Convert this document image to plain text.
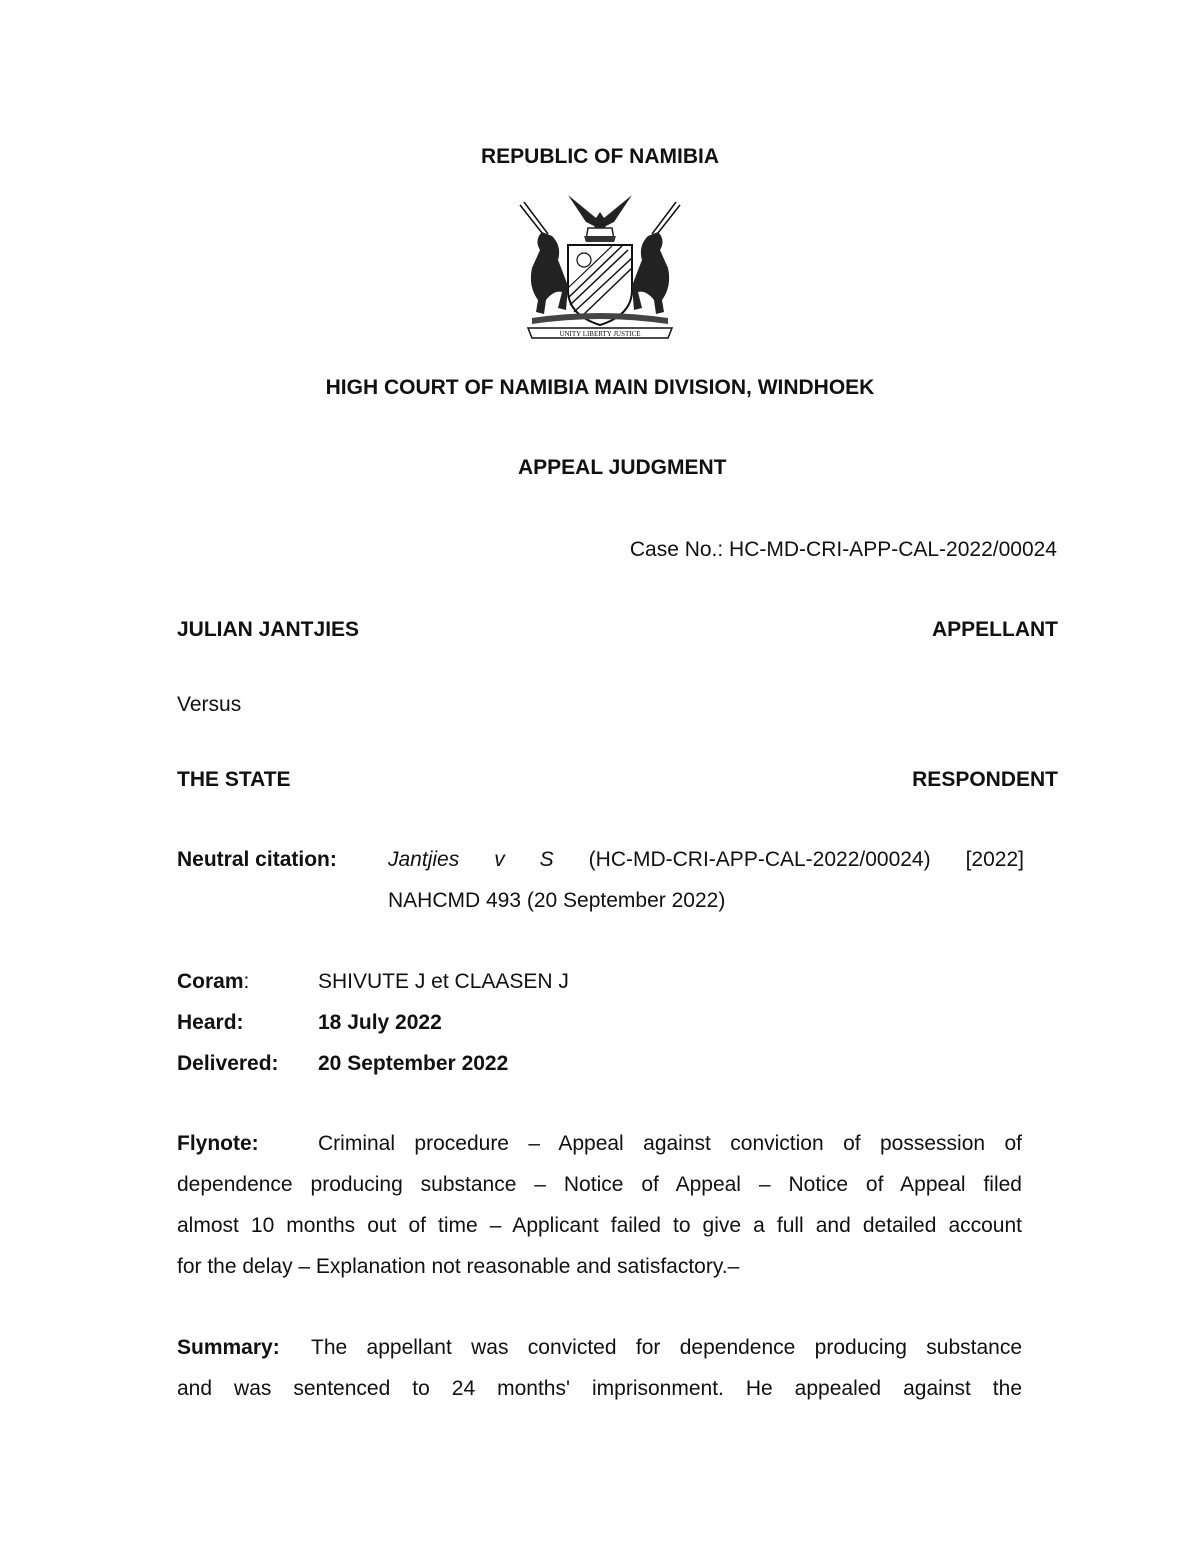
REPUBLIC OF NAMIBIA
UNITY LIBERTY JUSTICE
HIGH COURT OF NAMIBIA MAIN DIVISION, WINDHOEK
APPEAL JUDGMENT
Case No.: HC-MD-CRI-APP-CAL-2022/00024
JULIAN JANTJIES	APPELLANT
Versus
THE STATE	RESPONDENT
Neutral citation: Jantjies v S (HC-MD-CRI-APP-CAL-2022/00024) [2022]
NAHCMD 493 (20 September 2022)
Coram:	SHIVUTE J et CLAASEN J
Heard:	18 July 2022
Delivered: 20 September 2022
Flynote:	Criminal procedure – Appeal against conviction of possession of
dependence producing substance – Notice of Appeal – Notice of Appeal filed
almost 10 months out of time – Applicant failed to give a full and detailed account
for the delay – Explanation not reasonable and satisfactory.–
Summary: The appellant was convicted for dependence producing substance
and was sentenced to 24 months' imprisonment. He appealed against the
